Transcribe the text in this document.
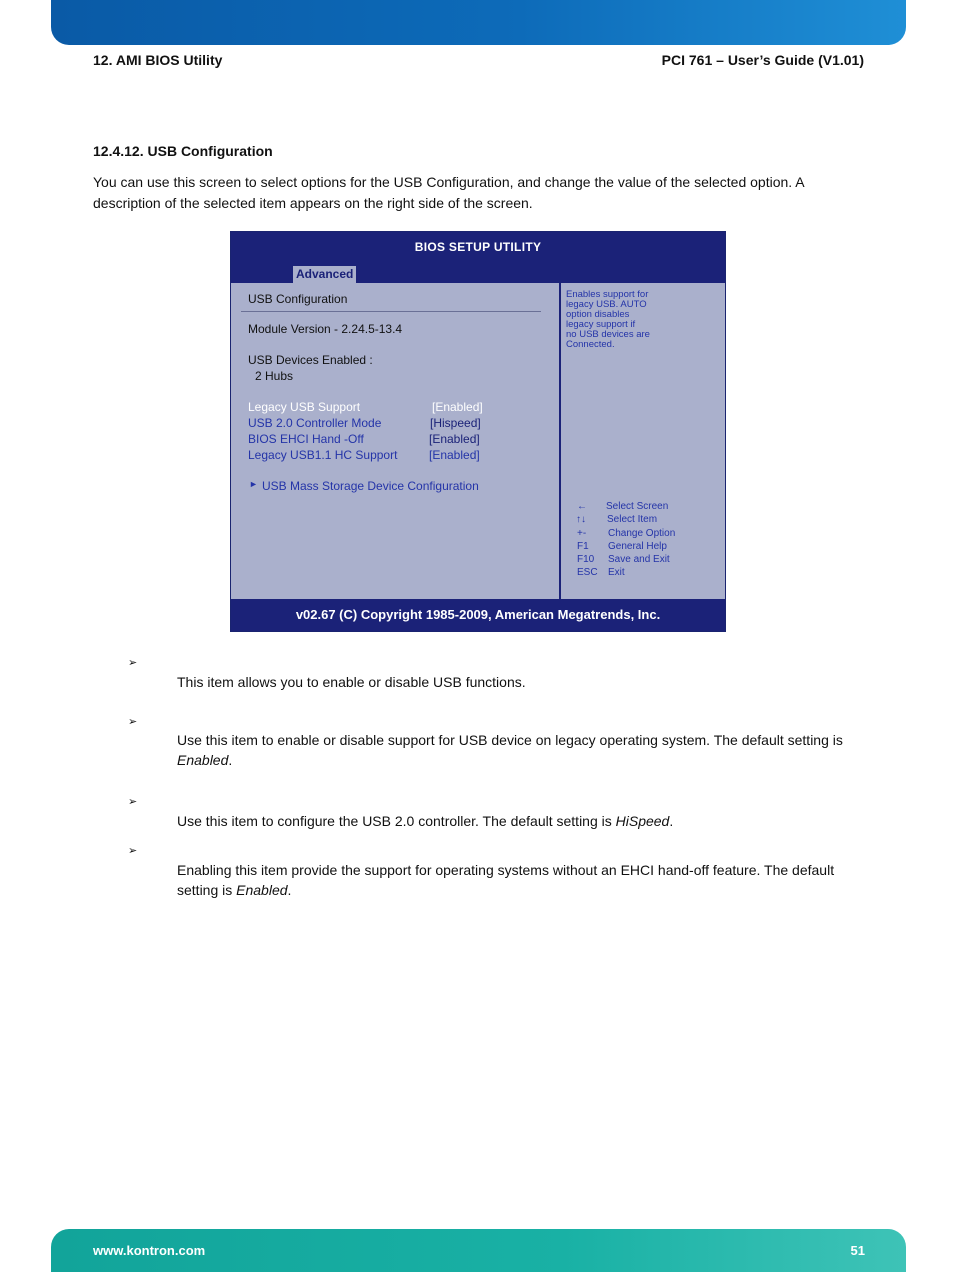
12. AMI BIOS Utility	PCI 761 – User’s Guide (V1.01)
12.4.12. USB Configuration
You can use this screen to select options for the USB Configuration, and change the value of the selected option. A description of the selected item appears on the right side of the screen.
BIOS SETUP UTILITY
Advanced
USB Configuration
Module Version - 2.24.5-13.4
USB Devices Enabled :
2 Hubs
Legacy USB Support	[Enabled]
USB 2.0 Controller Mode	[Hispeed]
BIOS EHCI Hand -Off	[Enabled]
Legacy USB1.1 HC Support	[Enabled]
► USB Mass Storage Device Configuration
Enables support for
legacy USB. AUTO
option disables
legacy support if
no USB devices are
Connected.
← Select Screen
↑↓ Select Item
+- Change Option
F1 General Help
F10 Save and Exit
ESC Exit
v02.67 (C) Copyright 1985-2009, American Megatrends, Inc.
➢
This item allows you to enable or disable USB functions.
➢
Use this item to enable or disable support for USB device on legacy operating system. The default setting is Enabled.
➢
Use this item to configure the USB 2.0 controller. The default setting is HiSpeed.
➢
Enabling this item provide the support for operating systems without an EHCI hand-off feature. The default setting is Enabled.
www.kontron.com	51
